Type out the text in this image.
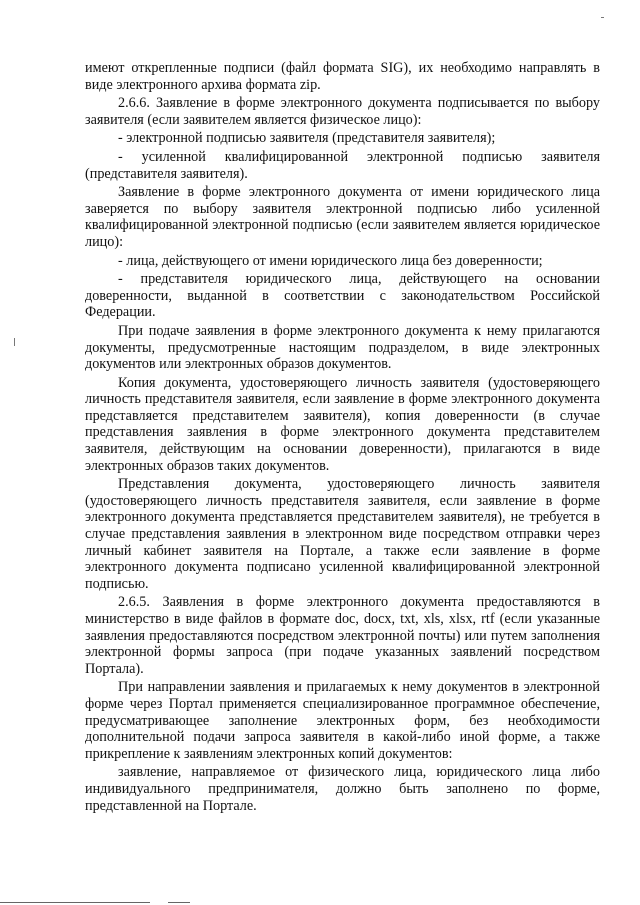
имеют открепленные подписи (файл формата SIG), их необходимо направлять в виде электронного архива формата zip.

2.6.6. Заявление в форме электронного документа подписывается по выбору заявителя (если заявителем является физическое лицо):

- электронной подписью заявителя (представителя заявителя);

- усиленной квалифицированной электронной подписью заявителя (представителя заявителя).

Заявление в форме электронного документа от имени юридического лица заверяется по выбору заявителя электронной подписью либо усиленной квалифицированной электронной подписью (если заявителем является юридическое лицо):

- лица, действующего от имени юридического лица без доверенности;

- представителя юридического лица, действующего на основании доверенности, выданной в соответствии с законодательством Российской Федерации.

При подаче заявления в форме электронного документа к нему прилагаются документы, предусмотренные настоящим подразделом, в виде электронных документов или электронных образов документов.

Копия документа, удостоверяющего личность заявителя (удостоверяющего личность представителя заявителя, если заявление в форме электронного документа представляется представителем заявителя), копия доверенности (в случае представления заявления в форме электронного документа представителем заявителя, действующим на основании доверенности), прилагаются в виде электронных образов таких документов.

Представления документа, удостоверяющего личность заявителя (удостоверяющего личность представителя заявителя, если заявление в форме электронного документа представляется представителем заявителя), не требуется в случае представления заявления в электронном виде посредством отправки через личный кабинет заявителя на Портале, а также если заявление в форме электронного документа подписано усиленной квалифицированной электронной подписью.

2.6.5. Заявления в форме электронного документа предоставляются в министерство в виде файлов в формате doc, docx, txt, xls, xlsx, rtf (если указанные заявления предоставляются посредством электронной почты) или путем заполнения электронной формы запроса (при подаче указанных заявлений посредством Портала).

При направлении заявления и прилагаемых к нему документов в электронной форме через Портал применяется специализированное программное обеспечение, предусматривающее заполнение электронных форм, без необходимости дополнительной подачи запроса заявителя в какой-либо иной форме, а также прикрепление к заявлениям электронных копий документов:

заявление, направляемое от физического лица, юридического лица либо индивидуального предпринимателя, должно быть заполнено по форме, представленной на Портале.
